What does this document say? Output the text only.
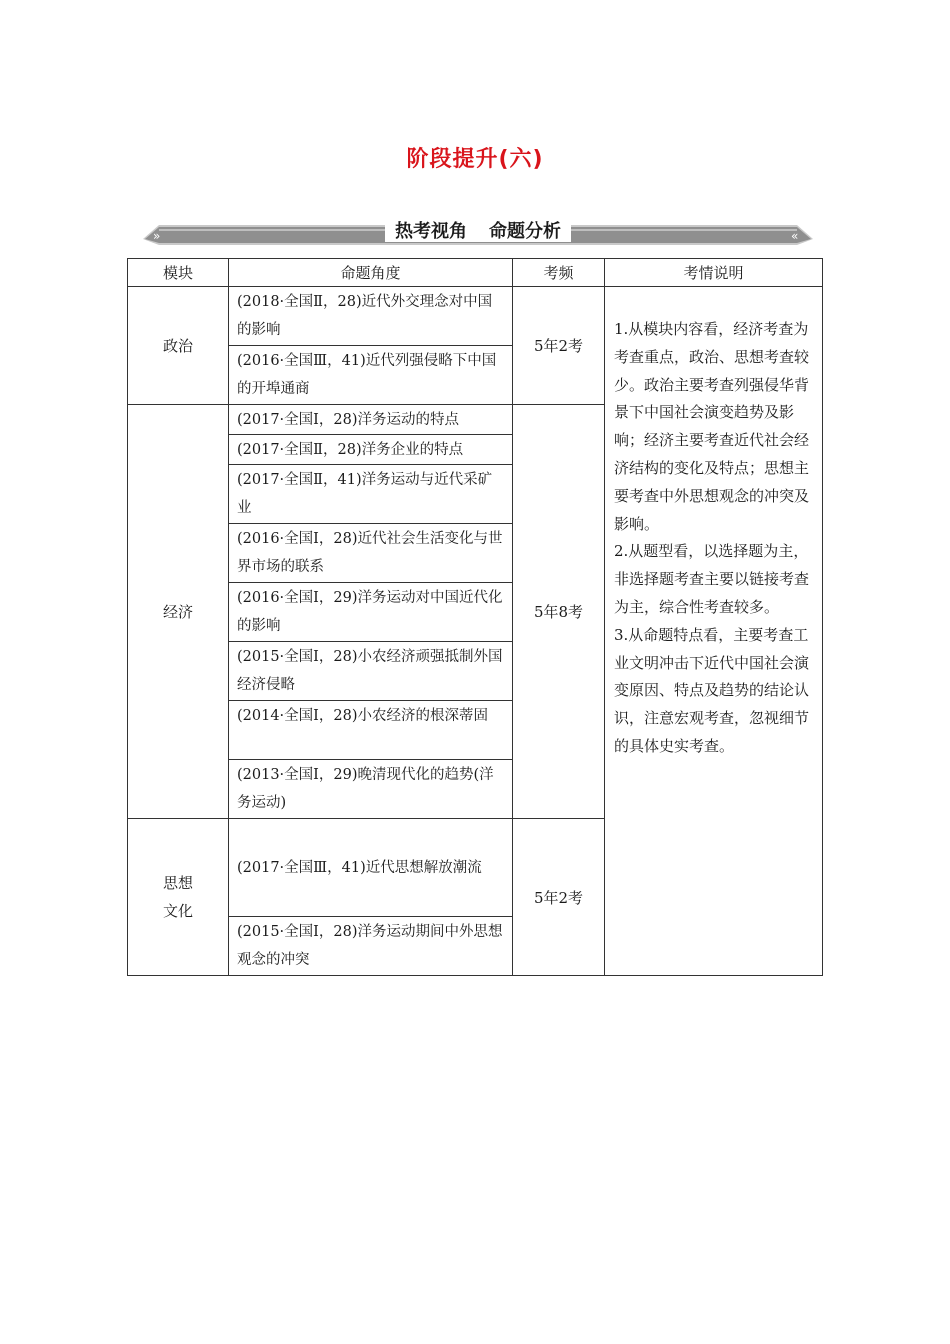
阶段提升(六)
»	«
热考视角 命题分析
模块	命题角度	考频	考情说明
政治	(2018·全国Ⅱ，28)近代外交理念对中国的影响	5年2考	1.从模块内容看，经济考查为考查重点，政治、思想考查较少。政治主要考查列强侵华背景下中国社会演变趋势及影响；经济主要考查近代社会经济结构的变化及特点；思想主要考查中外思想观念的冲突及影响。
2.从题型看，以选择题为主，非选择题考查主要以链接考查为主，综合性考查较多。
3.从命题特点看，主要考查工业文明冲击下近代中国社会演变原因、特点及趋势的结论认识，注意宏观考查，忽视细节的具体史实考查。

	(2016·全国Ⅲ，41)近代列强侵略下中国的开埠通商		
经济	(2017·全国Ⅰ，28)洋务运动的特点	5年8考	
	(2017·全国Ⅱ，28)洋务企业的特点		
	(2017·全国Ⅱ，41)洋务运动与近代采矿业		
	(2016·全国Ⅰ，28)近代社会生活变化与世界市场的联系		
	(2016·全国Ⅰ，29)洋务运动对中国近代化的影响		
	(2015·全国Ⅰ，28)小农经济顽强抵制外国经济侵略		
	(2014·全国Ⅰ，28)小农经济的根深蒂固		
	(2013·全国Ⅰ，29)晚清现代化的趋势(洋务运动)		

思想
文化	(2017·全国Ⅲ，41)近代思想解放潮流	5年2考	
	(2015·全国Ⅰ，28)洋务运动期间中外思想观念的冲突		
